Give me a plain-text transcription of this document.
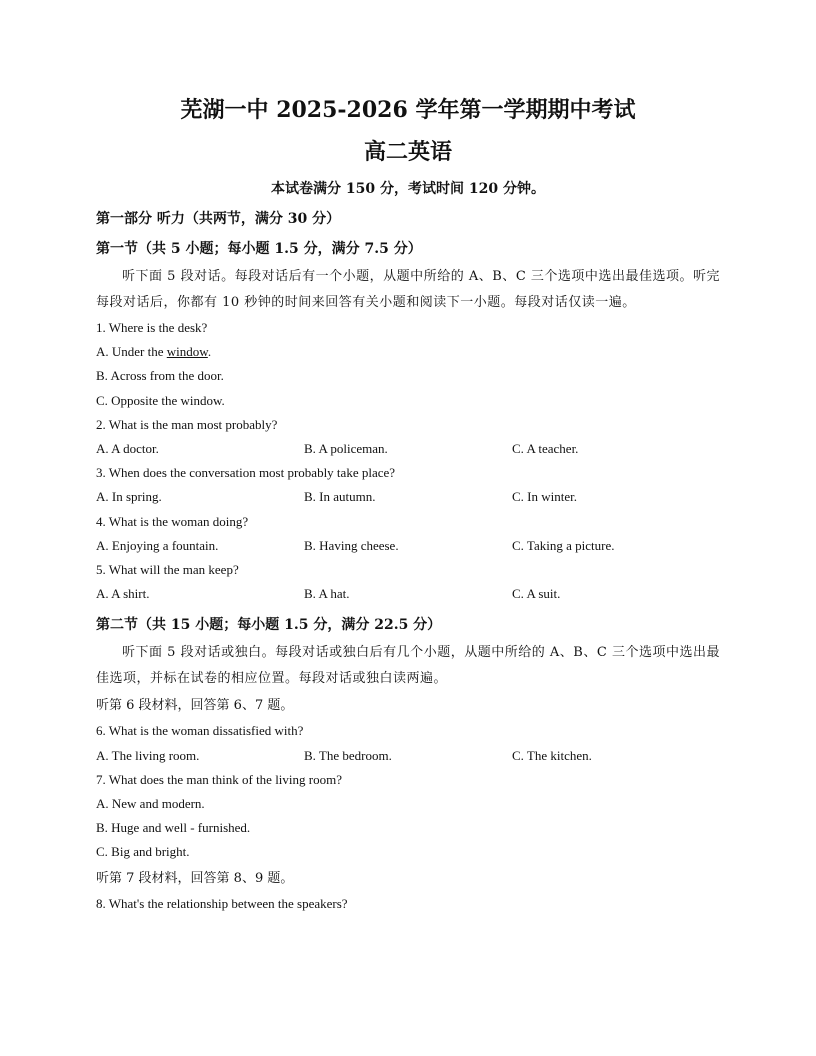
芜湖一中 2025-2026 学年第一学期期中考试
高二英语
本试卷满分 150 分，考试时间 120 分钟。
第一部分 听力（共两节，满分 30 分）
第一节（共 5 小题；每小题 1.5 分，满分 7.5 分）
听下面 5 段对话。每段对话后有一个小题，从题中所给的 A、B、C 三个选项中选出最佳选项。听完每段对话后，你都有 10 秒钟的时间来回答有关小题和阅读下一小题。每段对话仅读一遍。
1. Where is the desk?
A. Under the window.
B. Across from the door.
C. Opposite the window.
2. What is the man most probably?
A. A doctor.	B. A policeman.	C. A teacher.
3. When does the conversation most probably take place?
A. In spring.	B. In autumn.	C. In winter.
4. What is the woman doing?
A. Enjoying a fountain.	B. Having cheese.	C. Taking a picture.
5. What will the man keep?
A. A shirt.	B. A hat.	C. A suit.
第二节（共 15 小题；每小题 1.5 分，满分 22.5 分）
听下面 5 段对话或独白。每段对话或独白后有几个小题，从题中所给的 A、B、C 三个选项中选出最佳选项，并标在试卷的相应位置。每段对话或独白读两遍。
听第 6 段材料，回答第 6、7 题。
6. What is the woman dissatisfied with?
A. The living room.	B. The bedroom.	C. The kitchen.
7. What does the man think of the living room?
A. New and modern.
B. Huge and well - furnished.
C. Big and bright.
听第 7 段材料，回答第 8、9 题。
8. What's the relationship between the speakers?
